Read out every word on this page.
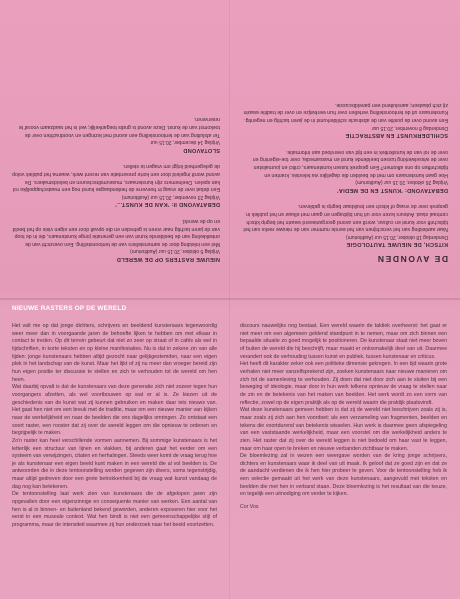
DE AVONDEN
KITSCH, DE NIEUWE TAUTOLOGIE
Donderdag 18 oktober, 20.15 uur (Auditorium)
Naar aanleiding van het verschijnen van het eerste nummer van de nieuwe reeks van het tijdschrift voor kunst en cultuur, wordt een avond georganiseerd waarin het begrip kitsch centraal staat. Auteurs lezen voor uit hun bijdragen en gaan met elkaar en het publiek in gesprek over de vraag of kitsch een bruikbaar begrip is gebleven.
DEBATAVOND: 'KUNST EN DE MEDIA'
Vrijdag 26 oktober, 20.15 uur (Auditorium)
Hoe gaan kunstenaars om met de beelden die dagelijks via televisie, kranten en tijdschriften op ons afkomen? Een gesprek tussen kunstenaars, critici en journalisten over de wisselwerking tussen beeldende kunst en massamedia, over toe-eigening en over de rol van de kunstkritiek in een tijd van overvloed aan informatie.
SCHILDERKUNST EN ABSTRACTIE
Donderdag 8 november, 20.15 uur
Een avond over de positie van de abstracte schilderkunst in de jaren tachtig en negentig. Kunstenaars uit de tentoonstelling vertellen over hun werkwijze en over de traditie waarin zij zich plaatsen; aansluitend een paneldiscussie.
NIEUWE RASTERS OP DE WERELD
Vrijdag 5 oktober, 20.15 uur (Auditorium)
Met een inleiding door de samenstellers van de tentoonstelling. Een overzicht van de ontwikkeling van de beeldende kunst van een generatie jonge kunstenaars, die in de loop van de jaren tachtig naar voren is getreden en die opvalt door een eigen visie op het beeld en op de wereld.
DEBATAVOND II: 'KAN DE KUNST...'
Vrijdag 23 november, 20.15 uur (Auditorium)
Een debat over de vraag in hoeverre de hedendaagse kunst nog een maatschappelijke rol kan spelen. Deelnemers zijn kunstenaars, museumdirecteuren en beleidsmakers. De avond wordt ingeleid door een korte presentatie van recent werk, waarna het publiek volop de gelegenheid krijgt om vragen te stellen.
SLOTAVOND
Vrijdag 14 december, 20.15 uur
Ter afsluiting van de tentoonstelling een avond met lezingen en voordrachten over de toekomst van de kunst. Deze avond is gratis toegankelijk; wel is het raadzaam vooraf te reserveren.
NIEUWE RASTERS OP DE WERELD

Het valt me op dat jonge dichters, schrijvers en beeldend kunstenaars tegenwoordig weer meer dan in voorgaande jaren de behoefte lijken te hebben om met elkaar in contact te treden. Op dit terrein gebeurt dat niet zo zeer op straat of in cafés als wel in tijdschriften, in korte teksten en op kleine manifestaties. Nu is dat in zekere zin van alle tijden: jonge kunstenaars hebben altijd gezocht naar gelijkgestemden, naar een eigen plek in het landschap van de kunst. Maar het lijkt of zij nu meer dan vroeger bereid zijn hun eigen positie ter discussie te stellen en zich te verhouden tot de wereld om hen heen.

Wat daarbij opvalt is dat de kunstenaars van deze generatie zich niet zozeer tegen hun voorgangers afzetten, als wel voortbouwen op wat er al is. Ze kiezen uit de geschiedenis van de kunst wat zij kunnen gebruiken en maken daar iets nieuws van. Het gaat hen niet om een breuk met de traditie, maar om een nieuwe manier van kijken naar de werkelijkheid en naar de beelden die ons dagelijks omringen. Zo ontstaat een soort raster, een rooster dat zij over de wereld leggen om die opnieuw te ordenen en begrijpelijk te maken.

Zo'n raster kan heel verschillende vormen aannemen. Bij sommige kunstenaars is het letterlijk een structuur van lijnen en vlakken, bij anderen gaat het eerder om een systeem van verwijzingen, citaten en herhalingen. Steeds weer komt de vraag terug hoe je als kunstenaar een eigen beeld kunt maken in een wereld die al vol beelden is. De antwoorden die in deze tentoonstelling worden gegeven zijn divers, soms tegenstrijdig, maar altijd gedreven door een grote betrokkenheid bij de vraag wat kunst vandaag de dag nog kan betekenen.

De tentoonstelling laat werk zien van kunstenaars die de afgelopen jaren zijn opgevallen door een eigenzinnige en consequente manier van werken. Een aantal van hen is al in binnen- en buitenland bekend geworden, anderen exposeren hier voor het eerst in een museale context. Wat hen bindt is niet een gemeenschappelijke stijl of programma, maar de intensiteit waarmee zij hun onderzoek naar het beeld voortzetten.

discours nauwelijks nog bestaat. Een wereld waarin de taktiek overheerst: het gaat er niet meer om een algemeen geldend standpunt in te nemen, maar om zich binnen een bepaalde situatie zo goed mogelijk te positioneren. De kunstenaar staat niet meer boven of buiten de wereld die hij beschrijft, maar maakt er onlosmakelijk deel van uit. Daarmee verandert ook de verhouding tussen kunst en publiek, tussen kunstenaar en criticus.

Het heeft dit karakter zeker ook een politieke dimensie gekregen. In een tijd waarin grote verhalen niet meer vanzelfsprekend zijn, zoeken kunstenaars naar nieuwe manieren om zich tot de samenleving te verhouden. Zij doen dat niet door zich aan te sluiten bij een beweging of ideologie, maar door in hun werk telkens opnieuw de vraag te stellen naar de zin en de betekenis van het maken van beelden. Het werk wordt zo een vorm van reflectie, zowel op de eigen praktijk als op de wereld waarin die praktijk plaatsvindt.

Wat deze kunstenaars gemeen hebben is dat zij de wereld niet beschrijven zoals zij is, maar zoals zij zich aan hen voordoet: als een verzameling van fragmenten, beelden en tekens die voortdurend van betekenis wisselen. Hun werk is daarmee geen afspiegeling van een vaststaande werkelijkheid, maar een voorstel om die werkelijkheid anders te zien. Het raster dat zij over de wereld leggen is niet bedoeld om haar vast te leggen, maar om haar open te breken en nieuwe verbanden zichtbaar te maken.

De bloemlezing zal in wezen een weergave worden van de kring jonge schrijvers, dichters en kunstenaars waar ik deel van uit maak. Ik geloof dat ze goed zijn en dat ze de aandacht verdienen die ik hen hier probeer te geven. Voor de tentoonstelling heb ik een selectie gemaakt uit het werk van deze kunstenaars, aangevuld met teksten en beelden die met hen in verband staan. Deze bloemlezing is het resultaat van die keuze, en tegelijk een uitnodiging om verder te kijken.

Cor Vos
